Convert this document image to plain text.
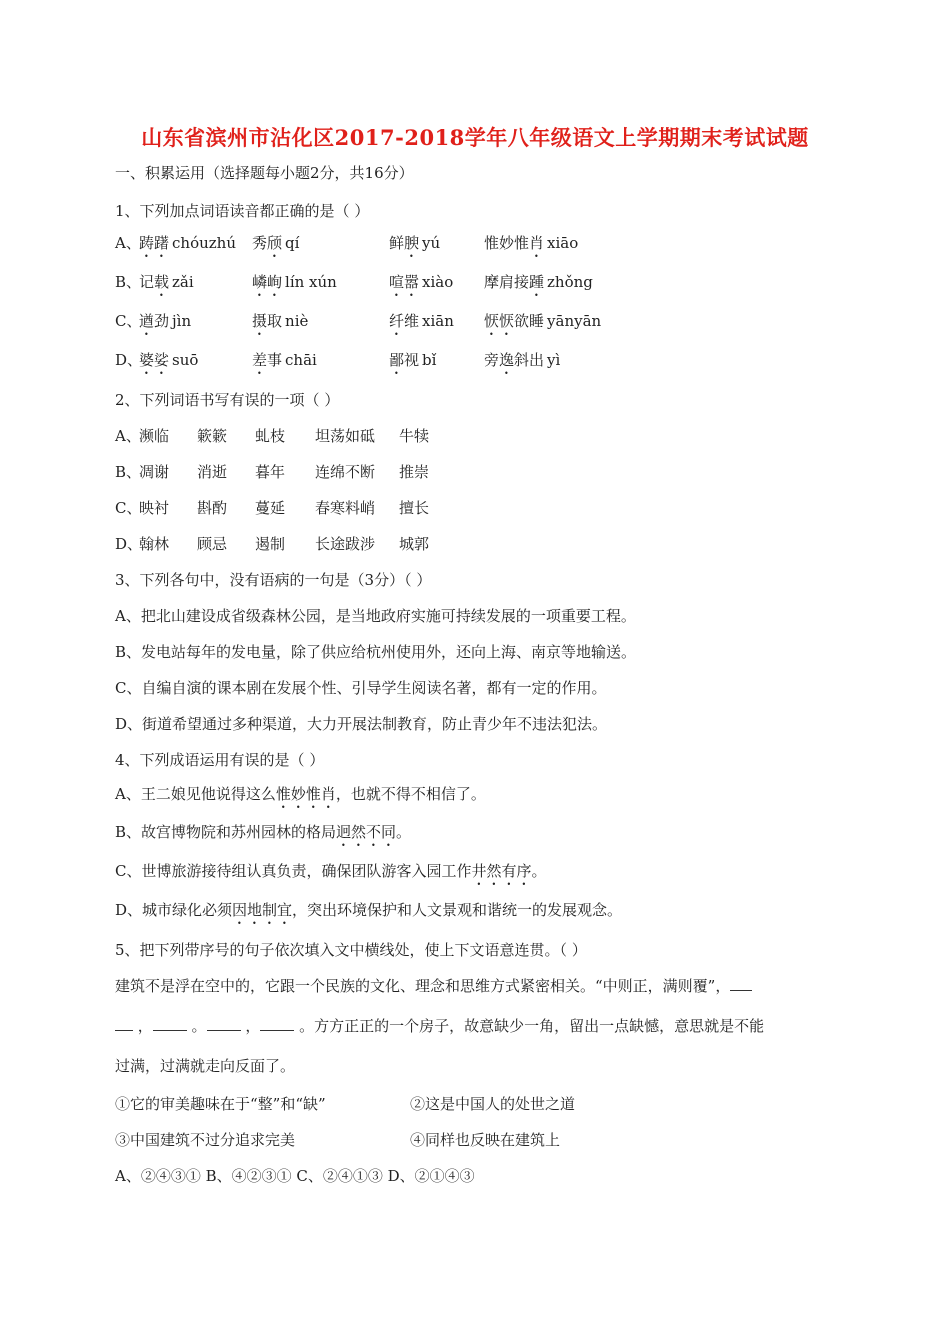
山东省滨州市沾化区2017-2018学年八年级语文上学期期末考试试题
一、积累运用（选择题每小题2分，共16分）
1、下列加点词语读音都正确的是（ ）
A、
踌躇 chóuzhú 秀颀 qí	鲜腴 yú	惟妙惟肖 xiāo
B、
记载 zǎi	嶙峋 lín xún	喧嚣 xiào 摩肩接踵 zhǒng
C、
遒劲 jìn	摄取 niè	纤维 xiān 恹恹欲睡 yānyān
D、
婆娑 suō	差事 chāi	鄙视 bǐ	旁逸斜出 yì
2、下列词语书写有误的一项（ ）
A、
濒临 簌簌 虬枝 坦荡如砥 牛犊
B、
凋谢 消逝 暮年 连绵不断 推崇
C、
映衬 斟酌 蔓延 春寒料峭 擅长
D、
翰林 顾忌 遏制 长途跋涉 城郭
3、下列各句中，没有语病的一句是（3分）（ ）
A、把北山建设成省级森林公园，是当地政府实施可持续发展的一项重要工程。
B、发电站每年的发电量，除了供应给杭州使用外，还向上海、南京等地输送。
C、自编自演的课本剧在发展个性、引导学生阅读名著，都有一定的作用。
D、街道希望通过多种渠道，大力开展法制教育，防止青少年不违法犯法。
4、下列成语运用有误的是（ ）
A、王二娘见他说得这么惟妙惟肖，也就不得不相信了。
B、故宫博物院和苏州园林的格局迥然不同。
C、世博旅游接待组认真负责，确保团队游客入园工作井然有序。
D、城市绿化必须因地制宜，突出环境保护和人文景观和谐统一的发展观念。
5、把下列带序号的句子依次填入文中横线处，使上下文语意连贯。（ ）
建筑不是浮在空中的，它跟一个民族的文化、理念和思维方式紧密相关。“中则正，满则覆”，
， 。 ， 。方方正正的一个房子，故意缺少一角，留出一点缺憾，意思就是不能
过满，过满就走向反面了。
①它的审美趣味在于“整”和“缺”	②这是中国人的处世之道
③中国建筑不过分追求完美	④同样也反映在建筑上
A、②④③① B、④②③① C、②④①③ D、②①④③
